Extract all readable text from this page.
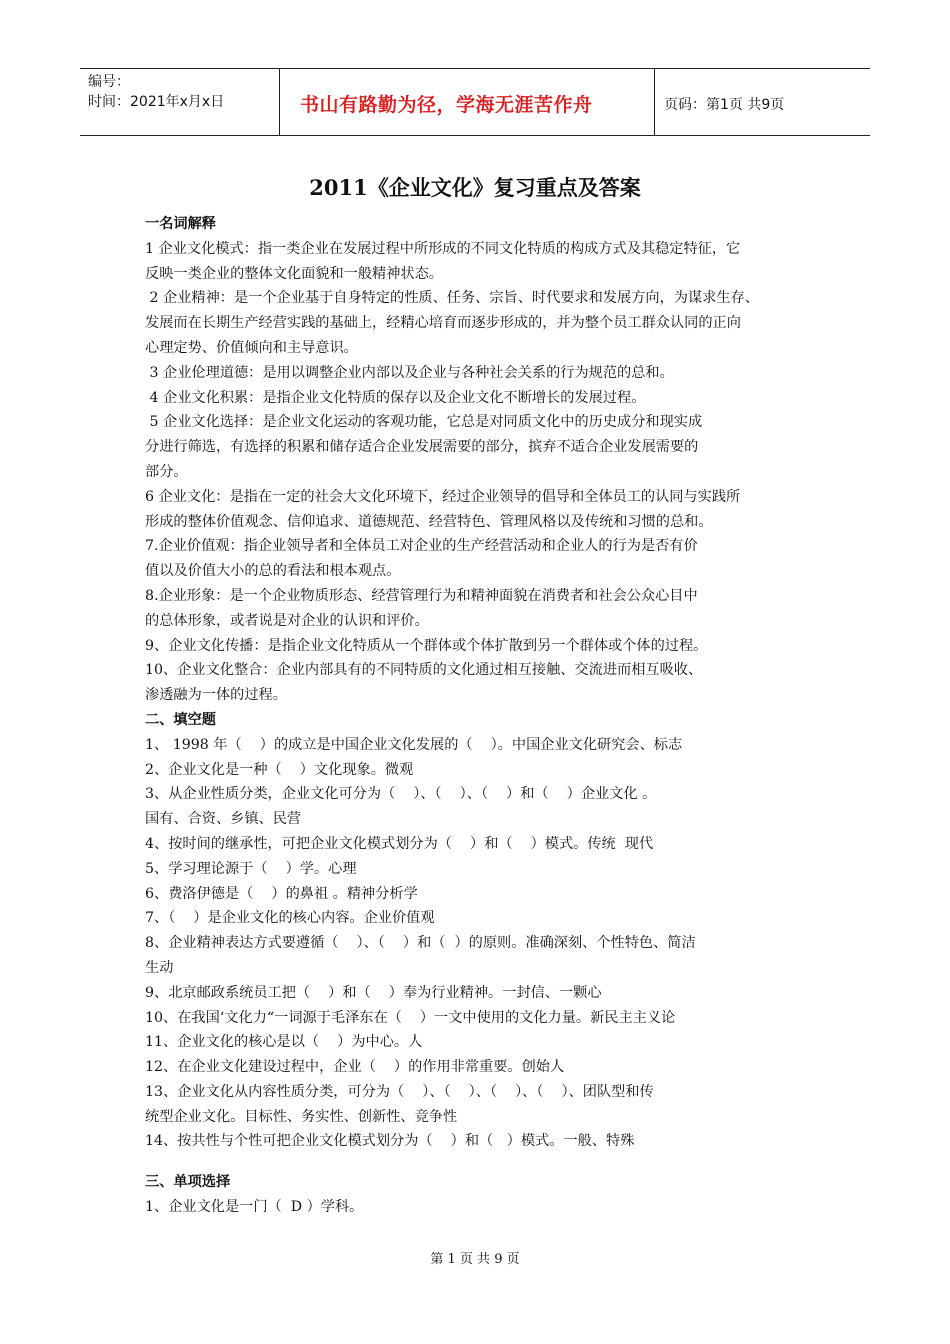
编号：
时间：2021年x月x日	书山有路勤为径，学海无涯苦作舟	页码：第1页 共9页
2011《企业文化》复习重点及答案
一名词解释
1 企业文化模式：指一类企业在发展过程中所形成的不同文化特质的构成方式及其稳定特征，它
反映一类企业的整体文化面貌和一般精神状态。
2 企业精神：是一个企业基于自身特定的性质、任务、宗旨、时代要求和发展方向，为谋求生存、
发展而在长期生产经营实践的基础上，经精心培育而逐步形成的，并为整个员工群众认同的正向
心理定势、价值倾向和主导意识。
3 企业伦理道德：是用以调整企业内部以及企业与各种社会关系的行为规范的总和。
4 企业文化积累：是指企业文化特质的保存以及企业文化不断增长的发展过程。
5 企业文化选择：是企业文化运动的客观功能，它总是对同质文化中的历史成分和现实成
分进行筛选，有选择的积累和储存适合企业发展需要的部分，摈弃不适合企业发展需要的
部分。
6 企业文化：是指在一定的社会大文化环境下，经过企业领导的倡导和全体员工的认同与实践所
形成的整体价值观念、信仰追求、道德规范、经营特色、管理风格以及传统和习惯的总和。
7.企业价值观：指企业领导者和全体员工对企业的生产经营活动和企业人的行为是否有价
值以及价值大小的总的看法和根本观点。
8.企业形象：是一个企业物质形态、经营管理行为和精神面貌在消费者和社会公众心目中
的总体形象，或者说是对企业的认识和评价。
9、企业文化传播：是指企业文化特质从一个群体或个体扩散到另一个群体或个体的过程。
10、企业文化整合：企业内部具有的不同特质的文化通过相互接触、交流进而相互吸收、
渗透融为一体的过程。
二、填空题
1、 1998 年（    ）的成立是中国企业文化发展的（    ）。中国企业文化研究会、标志
2、企业文化是一种（    ）文化现象。微观
3、从企业性质分类，企业文化可分为（    ）、（    ）、（    ）和（    ）企业文化 。
国有、合资、乡镇、民营
4、按时间的继承性，可把企业文化模式划分为（    ）和（    ）模式。传统  现代
5、学习理论源于（    ）学。心理
6、费洛伊德是（    ）的鼻祖 。精神分析学
7、（    ）是企业文化的核心内容。企业价值观
8、企业精神表达方式要遵循（    ）、（    ）和（  ）的原则。准确深刻、个性特色、简洁
生动
9、北京邮政系统员工把（    ）和（    ）奉为行业精神。一封信、一颗心
10、在我国‘文化力“一词源于毛泽东在（    ）一文中使用的文化力量。新民主主义论
11、企业文化的核心是以（    ）为中心。人
12、在企业文化建设过程中，企业（    ）的作用非常重要。创始人
13、企业文化从内容性质分类，可分为（    ）、（    ）、（    ）、（    ）、团队型和传
统型企业文化。目标性、务实性、创新性、竞争性
14、按共性与个性可把企业文化模式划分为（    ）和（   ）模式。一般、特殊
三、单项选择
1、企业文化是一门（  D ）学科。
第 1 页 共 9 页
